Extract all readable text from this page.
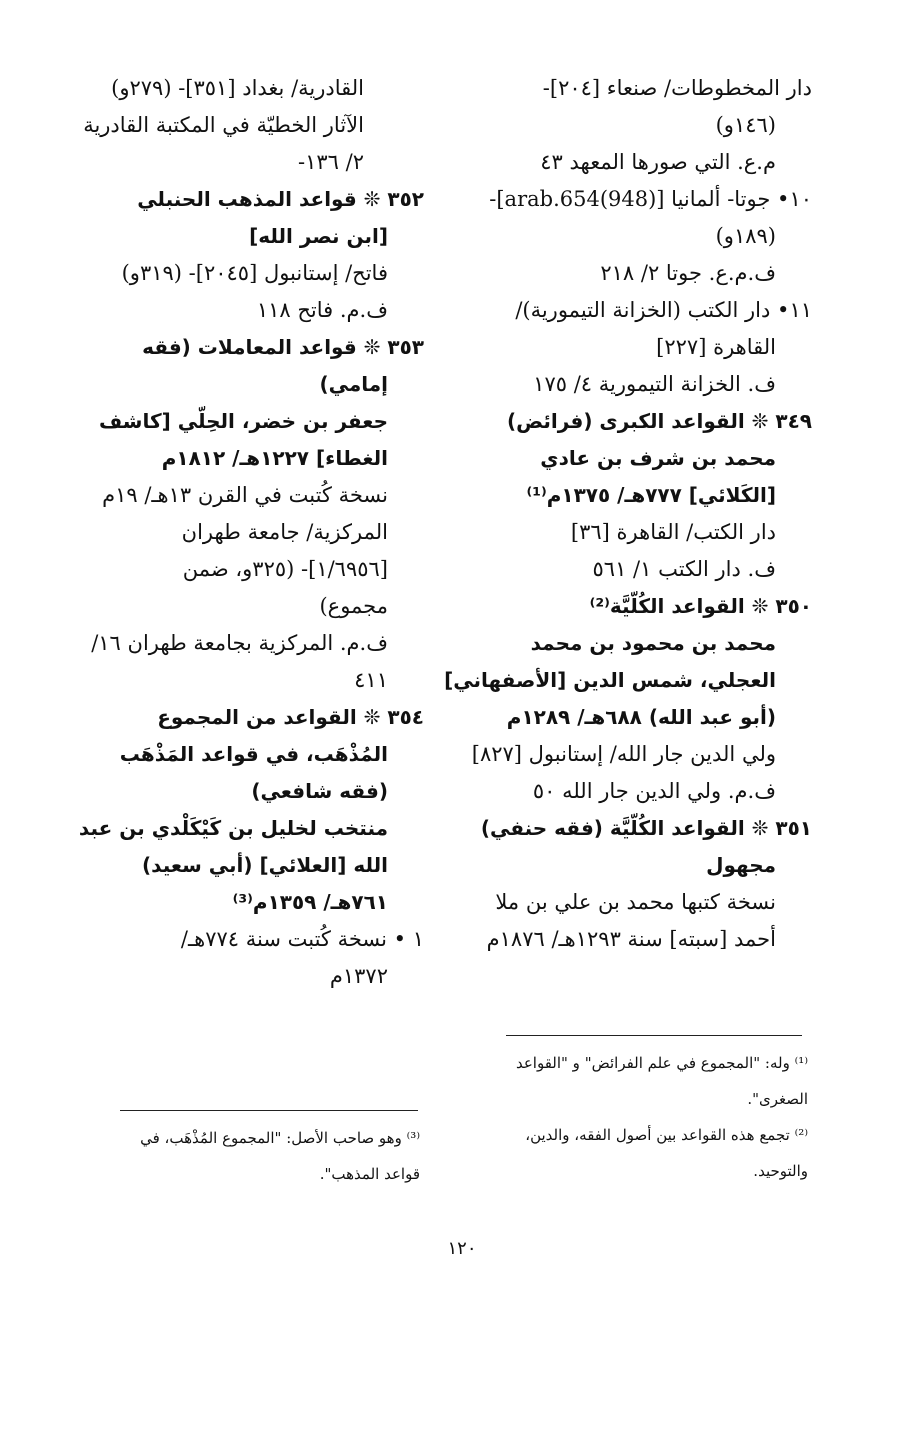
دار المخطوطات/ صنعاء [٢٠٤]-
(١٤٦و)
م.ع. التي صورها المعهد ٤٣
١٠• جوتا- ألمانيا [arab.654(948)]-
(١٨٩و)
ف.م.ع. جوتا ٢/ ٢١٨
١١• دار الكتب (الخزانة التيمورية)/
القاهرة [٢٢٧]
ف. الخزانة التيمورية ٤/ ١٧٥
٣٤٩ ❊ القواعد الكبرى (فرائض)
محمد بن شرف بن عادي
[الكَلائي] ٧٧٧هـ/ ١٣٧٥م⁽¹⁾
دار الكتب/ القاهرة [٣٦]
ف. دار الكتب ١/ ٥٦١
٣٥٠ ❊ القواعد الكُلّيَّة⁽²⁾
محمد بن محمود بن محمد
العجلي، شمس الدين [الأصفهاني]
(أبو عبد الله) ٦٨٨هـ/ ١٢٨٩م
ولي الدين جار الله/ إستانبول [٨٢٧]
ف.م. ولي الدين جار الله ٥٠
٣٥١ ❊ القواعد الكُلّيَّة (فقه حنفي)
مجهول
نسخة كتبها محمد بن علي بن ملا
أحمد [سبته] سنة ١٢٩٣هـ/ ١٨٧٦م
⁽¹⁾ وله: "المجموع في علم الفرائض" و "القواعد
الصغرى".
⁽²⁾ تجمع هذه القواعد بين أصول الفقه، والدين،
والتوحيد.
القادرية/ بغداد [٣٥١]- (٢٧٩و)
الآثار الخطيّة في المكتبة القادرية
٢/ ١٣٦-
٣٥٢ ❊ قواعد المذهب الحنبلي
[ابن نصر الله]
فاتح/ إستانبول [٢٠٤٥]- (٣١٩و)
ف.م. فاتح ١١٨
٣٥٣ ❊ قواعد المعاملات (فقه
إمامي)
جعفر بن خضر، الحِلّي [كاشف
الغطاء] ١٢٢٧هـ/ ١٨١٢م
نسخة كُتبت في القرن ١٣هـ/ ١٩م
المركزية/ جامعة طهران
[١/٦٩٥٦]- (٣٢٥و، ضمن
مجموع)
ف.م. المركزية بجامعة طهران ١٦/
٤١١
٣٥٤ ❊ القواعد من المجموع
المُذْهَب، في قواعد المَذْهَب
(فقه شافعي)
منتخب لخليل بن كَيْكَلْدي بن عبد
الله [العلائي] (أبي سعيد)
٧٦١هـ/ ١٣٥٩م⁽³⁾
١ • نسخة كُتبت سنة ٧٧٤هـ/
١٣٧٢م
⁽³⁾ وهو صاحب الأصل: "المجموع المُذْهَب، في
قواعد المذهب".
١٢٠
